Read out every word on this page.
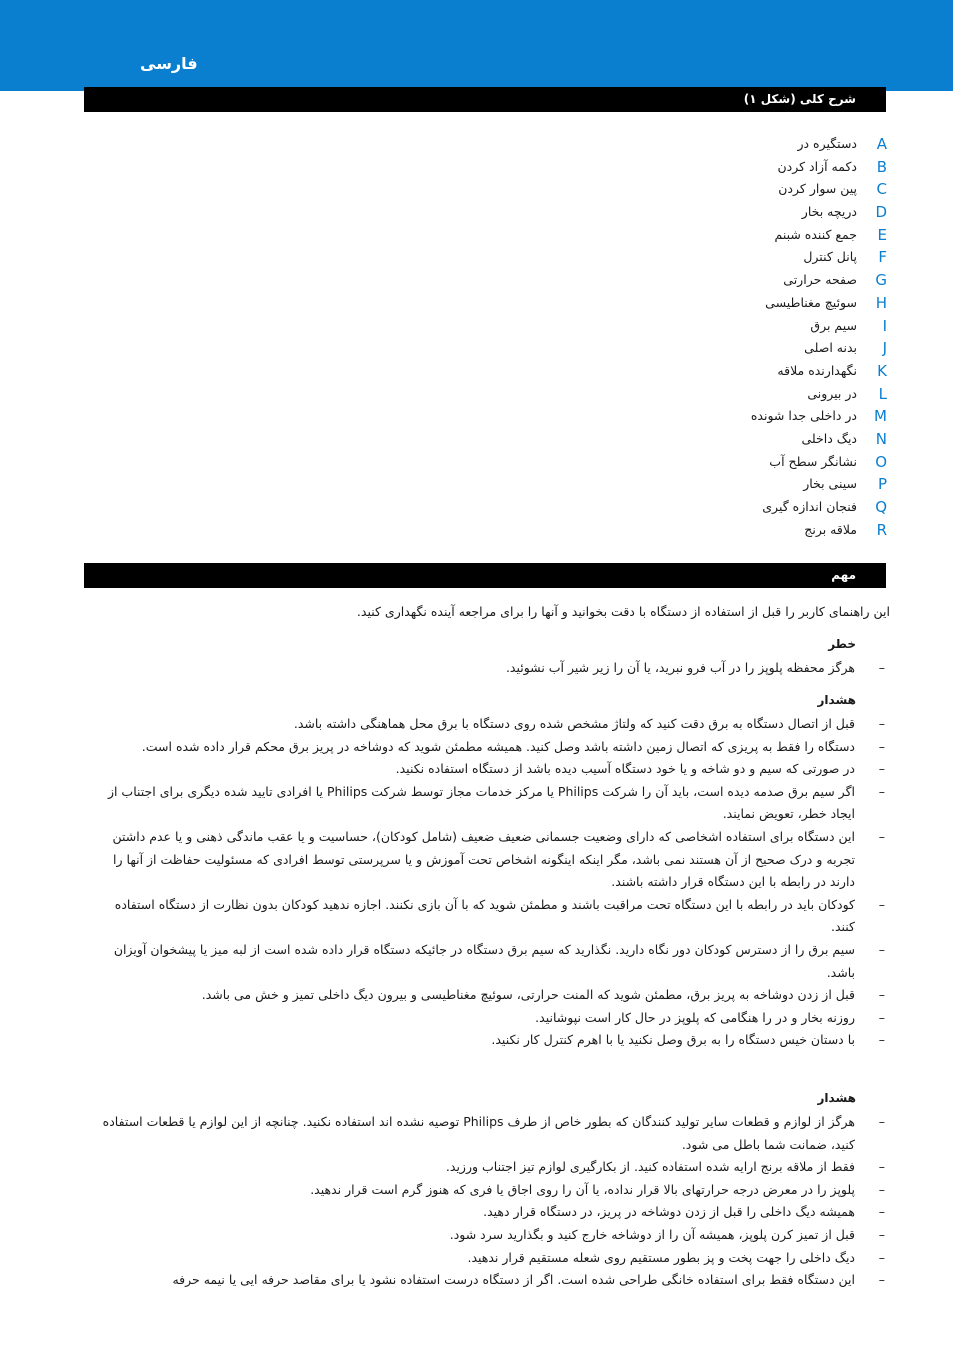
فارسی
شرح کلی (شکل ۱)
A
دستگیره در
B
دکمه آزاد کردن
C
پین سوار کردن
D
دریچه بخار
E
جمع کننده شبنم
F
پانل کنترل
G
صفحه حرارتی
H
سوئیچ مغناطیسی
I
سیم برق
J
بدنه اصلی
K
نگهدارنده ملاقه
L
در بیرونی
M
در داخلی جدا شونده
N
دیگ داخلی
O
نشانگر سطح آب
P
سینی بخار
Q
فنجان اندازه گیری
R
ملاقه برنج
مهم
این راهنمای کاربر را قبل از استفاده از دستگاه با دقت بخوانید و آنها را برای مراجعه آینده نگهداری کنید.
خطر
–
هرگز محفظه پلوپز را در آب فرو نبرید، یا آن را زیر شیر آب نشوئید.
هشدار
–
قبل از اتصال دستگاه به برق دقت کنید که ولتاژ مشخص شده روی دستگاه با برق محل هماهنگی داشته باشد.
–
دستگاه را فقط به پریزی که اتصال زمین داشته باشد وصل کنید. همیشه مطمئن شوید که دوشاخه در پریز برق محکم قرار داده شده است.
–
در صورتی که سیم و دو شاخه و یا خود دستگاه آسیب دیده باشد از دستگاه استفاده نکنید.
–
اگر سیم برق صدمه دیده است، باید آن را شرکت Philips یا مرکز خدمات مجاز توسط شرکت Philips یا افرادی تایید شده دیگری برای اجتناب از ایجاد خطر، تعویض نمایند.
–
این دستگاه برای استفاده اشخاصی که دارای وضعیت جسمانی ضعیف ضعیف (شامل کودکان)، حساسیت و یا عقب ماندگی ذهنی و یا عدم داشتن تجربه و درک صحیح از آن هستند نمی باشد، مگر اینکه اینگونه اشخاص تحت آموزش و یا سرپرستی توسط افرادی که مسئولیت حفاظت از آنها را دارند در رابطه با این دستگاه قرار داشته باشند.
–
کودکان باید در رابطه با این دستگاه تحت مراقبت باشند و مطمئن شوید که با آن بازی نکنند. اجازه ندهید کودکان بدون نظارت از دستگاه استفاده کنند.
–
سیم برق را از دسترس کودکان دور نگاه دارید. نگذارید که سیم برق دستگاه در جائیکه دستگاه قرار داده شده است از لبه میز یا پیشخوان آویزان باشد.
–
قبل از زدن دوشاخه به پریز برق، مطمئن شوید که المنت حرارتی، سوئیچ مغناطیسی و بیرون دیگ داخلی تمیز و خش می باشد.
–
روزنه بخار و در را هنگامی که پلوپز در حال کار است نپوشانید.
–
با دستان خیس دستگاه را به برق وصل نکنید یا با اهرم کنترل کار نکنید.
هشدار
–
هرگز از لوازم و قطعات سایر تولید کنندگان که بطور خاص از طرف Philips توصیه نشده اند استفاده نکنید. چنانچه از این لوازم یا قطعات استفاده کنید، ضمانت شما باطل می شود.
–
فقط از ملاقه برنج ارایه شده استفاده کنید. از بکارگیری لوازم تیز اجتناب ورزید.
–
پلوپز را در معرض درجه حرارتهای بالا قرار نداده، یا آن را روی اجاق یا فری که هنوز گرم است قرار ندهید.
–
همیشه دیگ داخلی را قبل از زدن دوشاخه در پریز، در دستگاه قرار دهید.
–
قبل از تمیز کرن پلوپز، همیشه آن را از دوشاخه خارج کنید و بگذارید سرد شود.
–
دیگ داخلی را جهت پخت و پز بطور مستقیم روی شعله مستقیم قرار ندهید.
–
این دستگاه فقط برای استفاده خانگی طراحی شده است. اگر از دستگاه درست استفاده نشود یا برای مقاصد حرفه ایی یا نیمه حرفه
